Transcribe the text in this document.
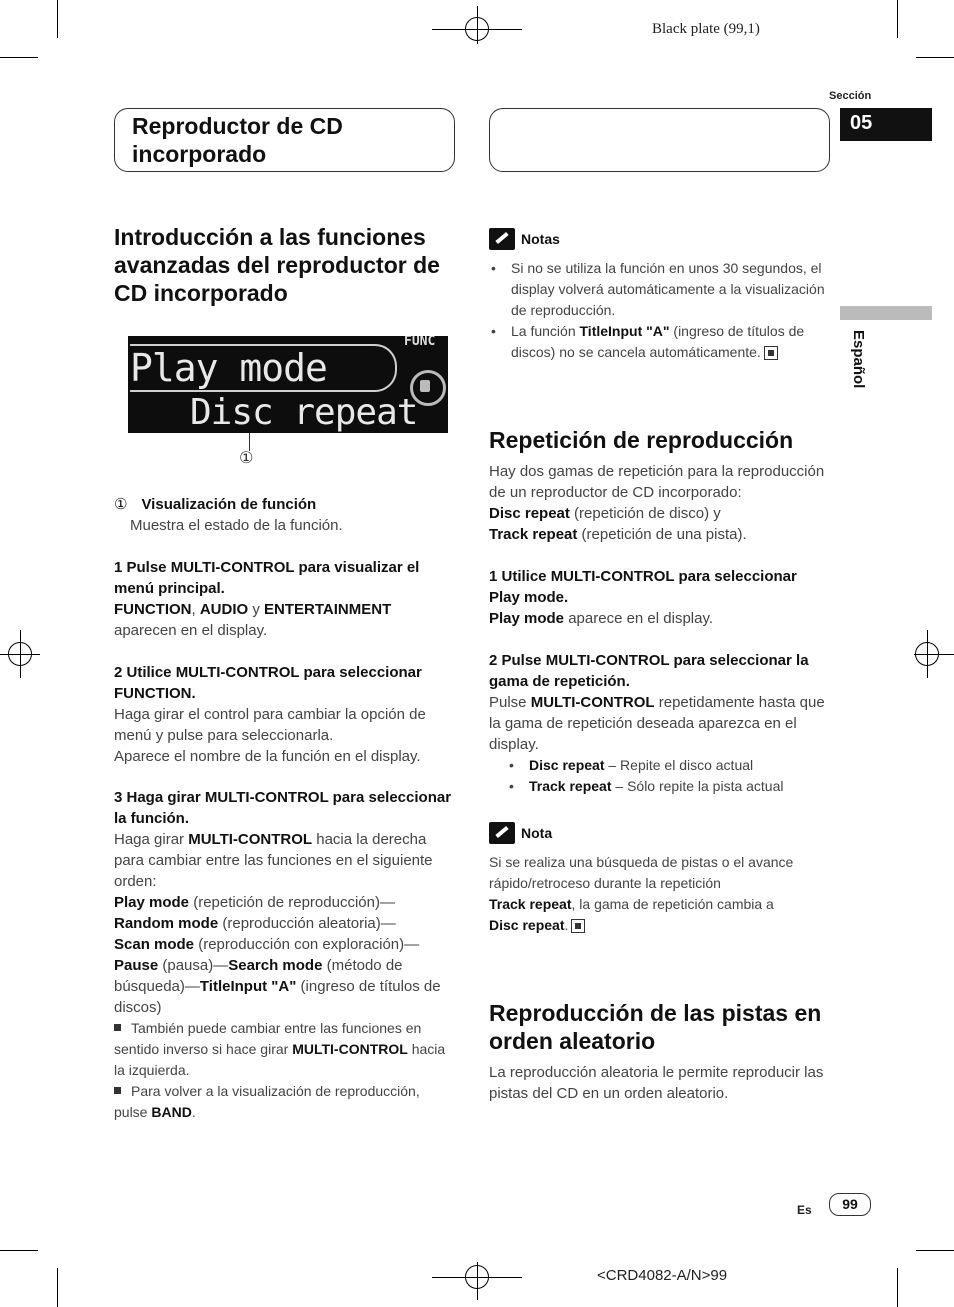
Black plate (99,1)
Sección
05
Reproductor de CD incorporado
Español
Introducción a las funciones avanzadas del reproductor de CD incorporado
Play mode
Disc repeat
FUNC
①
① Visualización de función
Muestra el estado de la función.
1 Pulse MULTI-CONTROL para visualizar el menú principal.
FUNCTION, AUDIO y ENTERTAINMENT aparecen en el display.
2 Utilice MULTI-CONTROL para seleccionar FUNCTION.
Haga girar el control para cambiar la opción de menú y pulse para seleccionarla.
Aparece el nombre de la función en el display.
3 Haga girar MULTI-CONTROL para seleccionar la función.
Haga girar MULTI-CONTROL hacia la derecha para cambiar entre las funciones en el siguiente orden:
Play mode (repetición de reproducción)—
Random mode (reproducción aleatoria)—
Scan mode (reproducción con exploración)—
Pause (pausa)—Search mode (método de búsqueda)—TitleInput "A" (ingreso de títulos de discos)
También puede cambiar entre las funciones en sentido inverso si hace girar MULTI-CONTROL hacia la izquierda.
Para volver a la visualización de reproducción, pulse BAND.
Notas
• Si no se utiliza la función en unos 30 segundos, el display volverá automáticamente a la visualización de reproducción.
• La función TitleInput "A" (ingreso de títulos de discos) no se cancela automáticamente.
Repetición de reproducción
Hay dos gamas de repetición para la reproducción de un reproductor de CD incorporado:
Disc repeat (repetición de disco) y
Track repeat (repetición de una pista).
1 Utilice MULTI-CONTROL para seleccionar Play mode.
Play mode aparece en el display.
2 Pulse MULTI-CONTROL para seleccionar la gama de repetición.
Pulse MULTI-CONTROL repetidamente hasta que la gama de repetición deseada aparezca en el display.
• Disc repeat – Repite el disco actual
• Track repeat – Sólo repite la pista actual
Nota
Si se realiza una búsqueda de pistas o el avance rápido/retroceso durante la repetición
Track repeat, la gama de repetición cambia a
Disc repeat.
Reproducción de las pistas en orden aleatorio
La reproducción aleatoria le permite reproducir las pistas del CD en un orden aleatorio.
Es	99
<CRD4082-A/N>99
